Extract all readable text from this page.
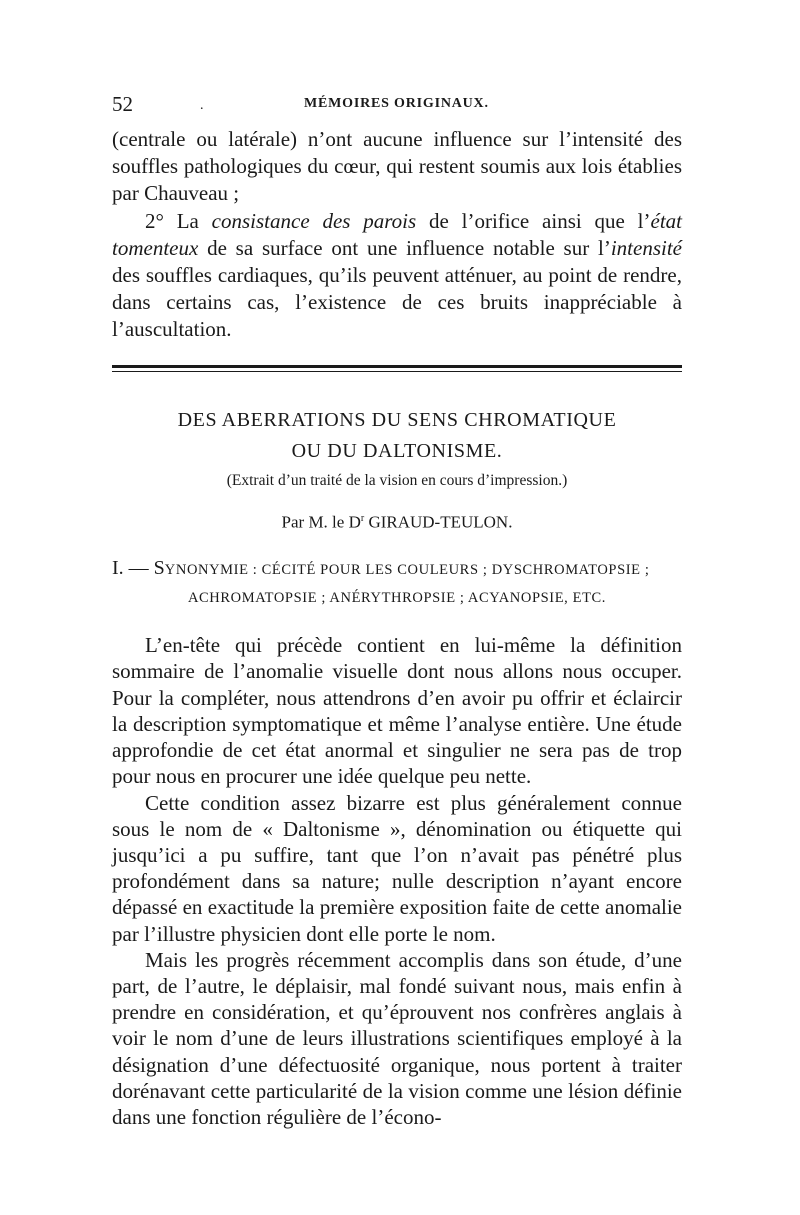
52	.	MÉMOIRES ORIGINAUX.

(centrale ou latérale) n’ont aucune influence sur l’intensité des souffles pathologiques du cœur, qui restent soumis aux lois établies par Chauveau ;

2° La consistance des parois de l’orifice ainsi que l’état tomenteux de sa surface ont une influence notable sur l’intensité des souffles cardiaques, qu’ils peuvent atténuer, au point de rendre, dans certains cas, l’existence de ces bruits inappréciable à l’auscultation.

DES ABERRATIONS DU SENS CHROMATIQUE
OU DU DALTONISME.
(Extrait d’un traité de la vision en cours d’impression.)
Par M. le $D^r$ GIRAUD-TEULON.
I. — SYNONYMIE : CÉCITÉ POUR LES COULEURS ; DYSCHROMATOPSIE ;
ACHROMATOPSIE ; ANÉRYTHROPSIE ; ACYANOPSIE, ETC.

L’en-tête qui précède contient en lui-même la définition sommaire de l’anomalie visuelle dont nous allons nous occuper. Pour la compléter, nous attendrons d’en avoir pu offrir et éclaircir la description symptomatique et même l’analyse entière. Une étude approfondie de cet état anormal et singulier ne sera pas de trop pour nous en procurer une idée quelque peu nette.

Cette condition assez bizarre est plus généralement connue sous le nom de « Daltonisme », dénomination ou étiquette qui jusqu’ici a pu suffire, tant que l’on n’avait pas pénétré plus profondément dans sa nature; nulle description n’ayant encore dépassé en exactitude la première exposition faite de cette anomalie par l’illustre physicien dont elle porte le nom.

Mais les progrès récemment accomplis dans son étude, d’une part, de l’autre, le déplaisir, mal fondé suivant nous, mais enfin à prendre en considération, et qu’éprouvent nos confrères anglais à voir le nom d’une de leurs illustrations scientifiques employé à la désignation d’une défectuosité organique, nous portent à traiter dorénavant cette particularité de la vision comme une lésion définie dans une fonction régulière de l’écono-
